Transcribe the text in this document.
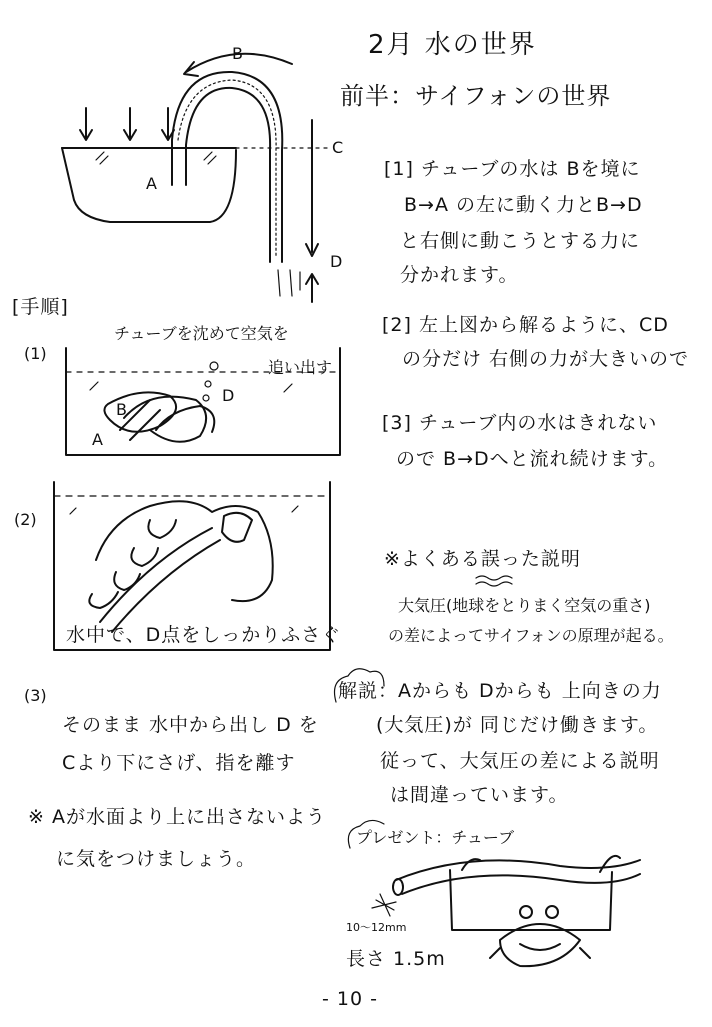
2月 水の世界
前半：サイフォンの世界
B
A
C
D
[1] チューブの水は Bを境に
B→A の左に動く力とB→D
と右側に動こうとする力に
分かれます。
[2] 左上図から解るように、CD
の分だけ 右側の力が大きいので
[3] チューブ内の水はきれない
ので B→Dへと流れ続けます。
[手順]
(1)
チューブを沈めて空気を
追い出す
B
A
D
(2)
水中で、D点をしっかりふさぐ
(3)
そのまま 水中から出し D を
Cより下にさげ、指を離す
※ Aが水面より上に出さないよう
に気をつけましょう。
※よくある誤った説明
大気圧(地球をとりまく空気の重さ)
の差によってサイフォンの原理が起る。
解説：Aからも Dからも 上向きの力
(大気圧)が 同じだけ働きます。
従って、大気圧の差による説明
は間違っています。
プレゼント：チューブ
10〜12mm
長さ 1.5m
- 10 -
